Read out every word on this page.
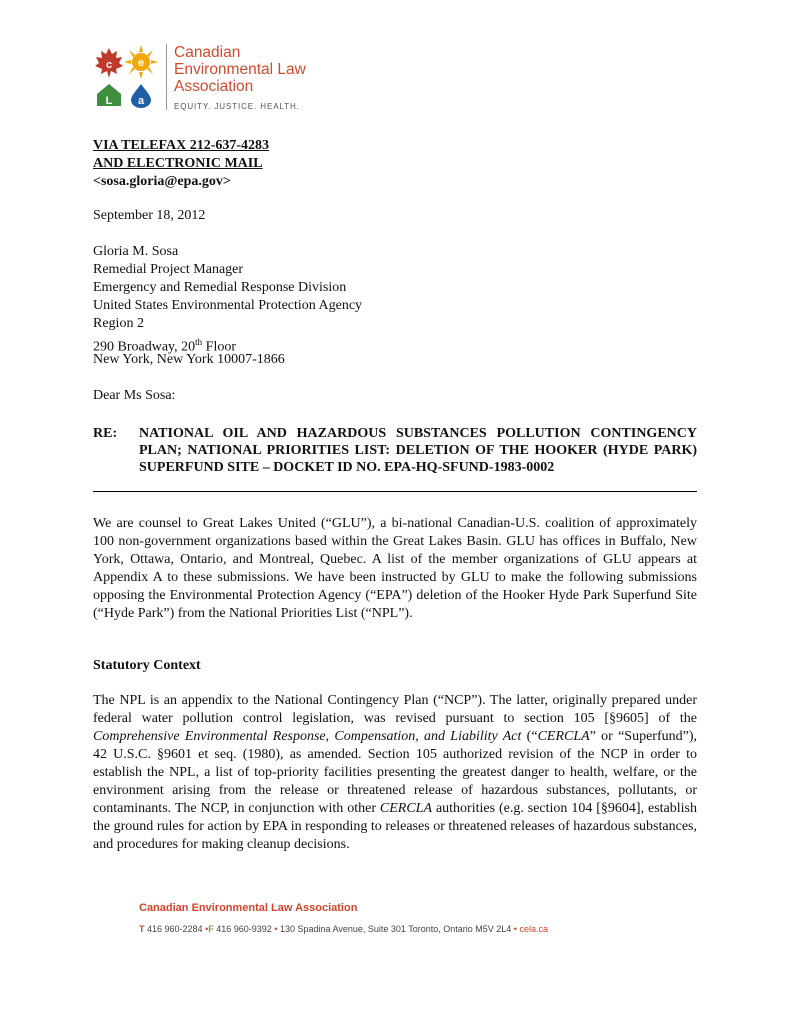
c e
L a
Canadian
Environmental Law
Association
EQUITY. JUSTICE. HEALTH.
VIA TELEFAX 212-637-4283
AND ELECTRONIC MAIL
<sosa.gloria@epa.gov>
September 18, 2012
Gloria M. Sosa
Remedial Project Manager
Emergency and Remedial Response Division
United States Environmental Protection Agency
Region 2
290 Broadway, 20th Floor
New York, New York 10007-1866
Dear Ms Sosa:
RE: NATIONAL OIL AND HAZARDOUS SUBSTANCES POLLUTION CONTINGENCY PLAN; NATIONAL PRIORITIES LIST: DELETION OF THE HOOKER (HYDE PARK) SUPERFUND SITE – DOCKET ID NO. EPA-HQ-SFUND-1983-0002
We are counsel to Great Lakes United (“GLU”), a bi-national Canadian-U.S. coalition of approximately 100 non-government organizations based within the Great Lakes Basin. GLU has offices in Buffalo, New York, Ottawa, Ontario, and Montreal, Quebec. A list of the member organizations of GLU appears at Appendix A to these submissions. We have been instructed by GLU to make the following submissions opposing the Environmental Protection Agency (“EPA”) deletion of the Hooker Hyde Park Superfund Site (“Hyde Park”) from the National Priorities List (“NPL”).
Statutory Context
The NPL is an appendix to the National Contingency Plan (“NCP”). The latter, originally prepared under federal water pollution control legislation, was revised pursuant to section 105 [§9605] of the Comprehensive Environmental Response, Compensation, and Liability Act (“CERCLA” or “Superfund”), 42 U.S.C. §9601 et seq. (1980), as amended. Section 105 authorized revision of the NCP in order to establish the NPL, a list of top-priority facilities presenting the greatest danger to health, welfare, or the environment arising from the release or threatened release of hazardous substances, pollutants, or contaminants. The NCP, in conjunction with other CERCLA authorities (e.g. section 104 [§9604], establish the ground rules for action by EPA in responding to releases or threatened releases of hazardous substances, and procedures for making cleanup decisions.
Canadian Environmental Law Association
T 416 960-2284 •F 416 960-9392 • 130 Spadina Avenue, Suite 301 Toronto, Ontario M5V 2L4 • cela.ca
